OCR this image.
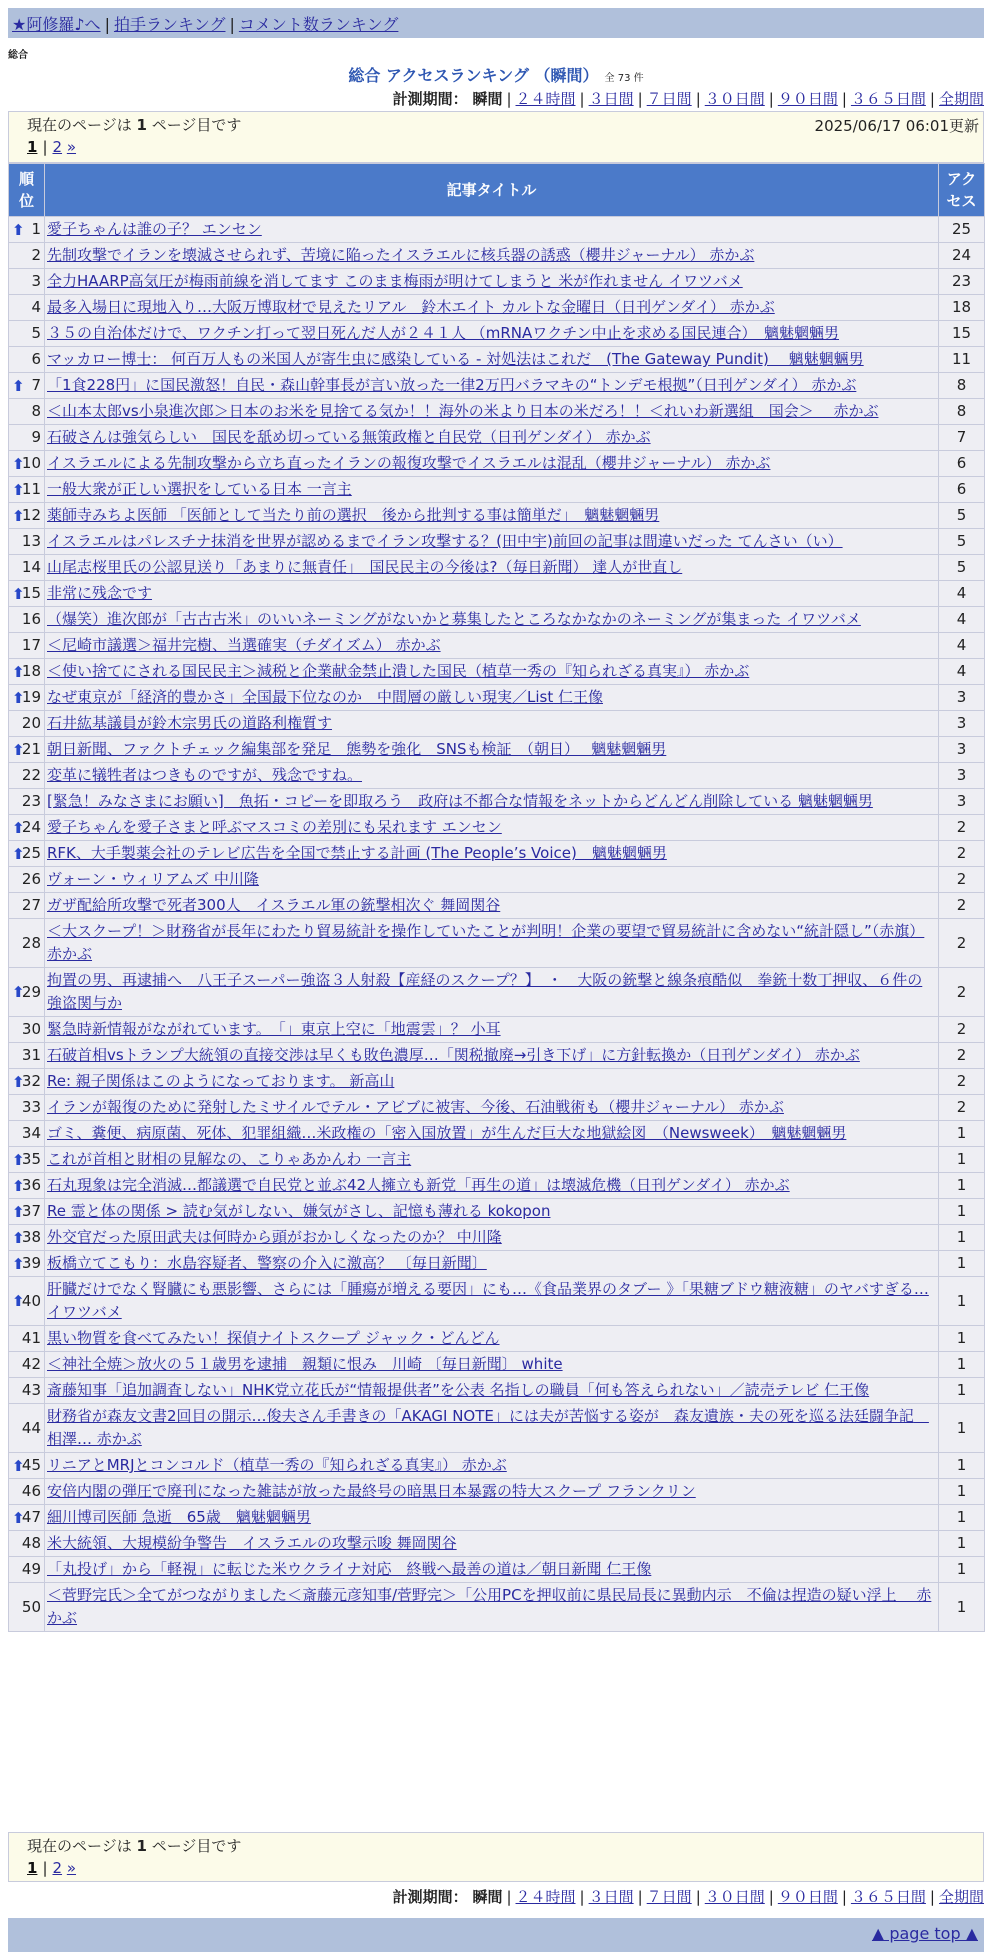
★阿修羅♪へ | 拍手ランキング | コメント数ランキング
総合
総合 アクセスランキング （瞬間） 全 73 件
計測期間： 瞬間 | ２４時間 | ３日間 | ７日間 | ３０日間 | ９０日間 | ３６５日間 | 全期間
現在のページは 1 ページ目です	2025/06/17 06:01更新
1 | 2 »
順位	記事タイトル	アクセス

⬆ 1	愛子ちゃんは誰の子？ エンセン	25
2	先制攻撃でイランを壊滅させられず、苦境に陥ったイスラエルに核兵器の誘惑（櫻井ジャーナル） 赤かぶ	24
3	全力HAARP高気圧が梅雨前線を消してます このまま梅雨が明けてしまうと 米が作れません イワツバメ	23
4	最多入場日に現地入り…大阪万博取材で見えたリアル　鈴木エイト カルトな金曜日（日刊ゲンダイ） 赤かぶ	18
5	３５の自治体だけで、ワクチン打って翌日死んだ人が２４１人 （mRNAワクチン中止を求める国民連合）　魑魅魍魎男	15
6	マッカロー博士： 何百万人もの米国人が寄生虫に感染している - 対処法はこれだ　(The Gateway Pundit)　 魑魅魍魎男	11

⬆ 7	「1食228円」に国民激怒！自民・森山幹事長が言い放った一律2万円バラマキの“トンデモ根拠”（日刊ゲンダイ） 赤かぶ	8
8	＜山本太郎vs小泉進次郎＞日本のお米を見捨てる気か！！海外の米より日本の米だろ！！＜れいわ新選組　国会＞　 赤かぶ	8
9	石破さんは強気らしい　国民を舐め切っている無策政権と自民党（日刊ゲンダイ） 赤かぶ	7

⬆
10	イスラエルによる先制攻撃から立ち直ったイランの報復攻撃でイスラエルは混乱（櫻井ジャーナル） 赤かぶ	6

⬆
11	一般大衆が正しい選択をしている日本 一言主	6

⬆
12	薬師寺みちよ医師 「医師として当たり前の選択　後から批判する事は簡単だ」　魑魅魍魎男	5
13	イスラエルはパレスチナ抹消を世界が認めるまでイラン攻撃する？(田中宇)前回の記事は間違いだった てんさい（い）	5
14	山尾志桜里氏の公認見送り「あまりに無責任」　国民民主の今後は?（毎日新聞） 達人が世直し	5

⬆
15	非常に残念です	4
16	（爆笑）進次郎が「古古古米」のいいネーミングがないかと募集したところなかなかのネーミングが集まった イワツバメ	4
17	＜尼崎市議選＞福井完樹、当選確実（チダイズム） 赤かぶ	4

⬆
18	＜使い捨てにされる国民民主＞減税と企業献金禁止潰した国民（植草一秀の『知られざる真実』） 赤かぶ	4

⬆
19	なぜ東京が「経済的豊かさ」全国最下位なのか　中間層の厳しい現実／List 仁王像	3
20	石井紘基議員が鈴木宗男氏の道路利権質す	3

⬆
21	朝日新聞、ファクトチェック編集部を発足　態勢を強化　SNSも検証　（朝日）　 魑魅魍魎男	3
22	変革に犠牲者はつきものですが、残念ですね。	3
23	[緊急！みなさまにお願い]　魚拓・コピーを即取ろう　政府は不都合な情報をネットからどんどん削除している 魑魅魍魎男	3

⬆
24	愛子ちゃんを愛子さまと呼ぶマスコミの差別にも呆れます エンセン	2

⬆
25	RFK、大手製薬会社のテレビ広告を全国で禁止する計画 (The People’s Voice)　魑魅魍魎男	2
26	ヴォーン・ウィリアムズ 中川隆	2
27	ガザ配給所攻撃で死者300人　イスラエル軍の銃撃相次ぐ 舞岡関谷	2
28	＜大スクープ！＞財務省が長年にわたり貿易統計を操作していたことが判明！企業の要望で貿易統計に含めない“統計隠し”（赤旗） 赤かぶ	2

⬆
29	拘置の男、再逮捕へ　八王子スーパー強盗３人射殺【産経のスクープ？】　・　大阪の銃撃と線条痕酷似　拳銃十数丁押収、６件の強盗関与か	2
30	緊急時新情報がながれています。　「」東京上空に「地震雲」？ 小耳	2
31	石破首相vsトランプ大統領の直接交渉は早くも敗色濃厚…「関税撤廃→引き下げ」に方針転換か（日刊ゲンダイ） 赤かぶ	2

⬆
32	Re: 親子関係はこのようになっております。 新高山	2
33	イランが報復のために発射したミサイルでテル・アビブに被害、今後、石油戦術も（櫻井ジャーナル） 赤かぶ	2
34	ゴミ、糞便、病原菌、死体、犯罪組織…米政権の「密入国放置」が生んだ巨大な地獄絵図　（Newsweek）　魑魅魍魎男	1

⬆
35	これが首相と財相の見解なの、こりゃあかんわ 一言主	1

⬆
36	石丸現象は完全消滅…都議選で自民党と並ぶ42人擁立も新党「再生の道」は壊滅危機（日刊ゲンダイ） 赤かぶ	1

⬆
37	Re 霊と体の関係 > 読む気がしない、嫌気がさし、記憶も薄れる kokopon	1

⬆
38	外交官だった原田武夫は何時から頭がおかしくなったのか？ 中川隆	1

⬆
39	板橋立てこもり：水島容疑者、警察の介入に激高？ 〔毎日新聞〕	1

⬆
40	肝臓だけでなく腎臓にも悪影響、さらには「腫瘍が増える要因」にも…《食品業界のタブー 》「果糖ブドウ糖液糖」のヤバすぎる… イワツバメ	1
41	黒い物質を食べてみたい！探偵ナイトスクープ ジャック・どんどん	1
42	＜神社全焼＞放火の５１歳男を逮捕　親類に恨み　川崎 〔毎日新聞〕 white	1
43	斎藤知事「追加調査しない」NHK党立花氏が“情報提供者”を公表 名指しの職員「何も答えられない」／読売テレビ 仁王像	1
44	財務省が森友文書2回目の開示…俊夫さん手書きの「AKAGI NOTE」には夫が苦悩する姿が　森友遺族・夫の死を巡る法廷闘争記　相澤… 赤かぶ	1

⬆
45	リニアとMRJとコンコルド（植草一秀の『知られざる真実』） 赤かぶ	1
46	安倍内閣の弾圧で廃刊になった雑誌が放った最終号の暗黒日本暴露の特大スクープ フランクリン	1

⬆
47	細川博司医師 急逝　65歳　魑魅魍魎男	1
48	米大統領、大規模紛争警告　イスラエルの攻撃示唆 舞岡関谷	1
49	「丸投げ」から「軽視」に転じた米ウクライナ対応　終戦へ最善の道は／朝日新聞 仁王像	1
50	＜菅野完氏＞全てがつながりました＜斎藤元彦知事/菅野完＞「公用PCを押収前に県民局長に異動内示　不倫は捏造の疑い浮上　 赤かぶ	1
現在のページは 1 ページ目です
1 | 2 »
計測期間： 瞬間 | ２４時間 | ３日間 | ７日間 | ３０日間 | ９０日間 | ３６５日間 | 全期間
▲ page top ▲
